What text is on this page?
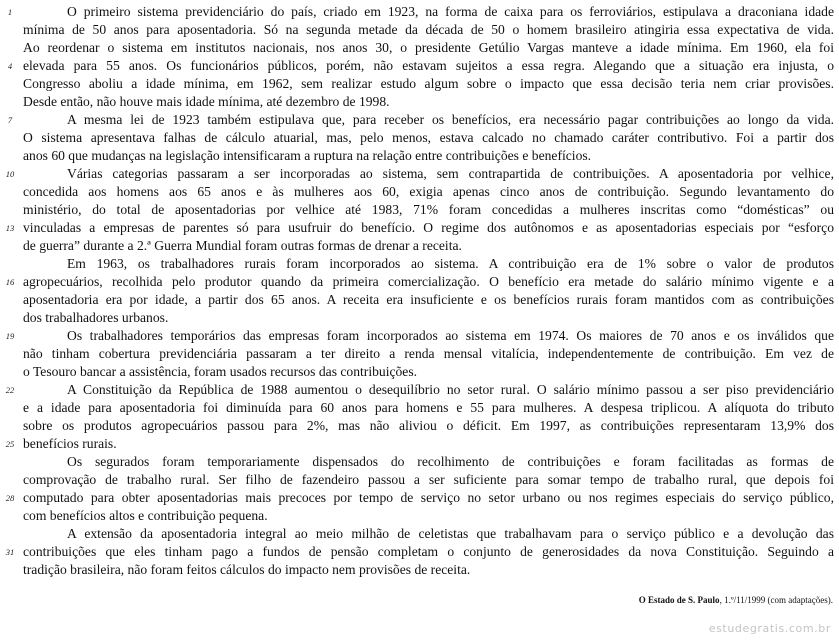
O primeiro sistema previdenciário do país, criado em 1923, na forma de caixa para os ferroviários, estipulava a draconiana idade
mínima de 50 anos para aposentadoria. Só na segunda metade da década de 50 o homem brasileiro atingiria essa expectativa de vida.
Ao reordenar o sistema em institutos nacionais, nos anos 30, o presidente Getúlio Vargas manteve a idade mínima. Em 1960, ela foi
elevada para 55 anos. Os funcionários públicos, porém, não estavam sujeitos a essa regra. Alegando que a situação era injusta, o
Congresso aboliu a idade mínima, em 1962, sem realizar estudo algum sobre o impacto que essa decisão teria nem criar provisões.
Desde então, não houve mais idade mínima, até dezembro de 1998.
A mesma lei de 1923 também estipulava que, para receber os benefícios, era necessário pagar contribuições ao longo da vida.
O sistema apresentava falhas de cálculo atuarial, mas, pelo menos, estava calcado no chamado caráter contributivo. Foi a partir dos
anos 60 que mudanças na legislação intensificaram a ruptura na relação entre contribuições e benefícios.
Várias categorias passaram a ser incorporadas ao sistema, sem contrapartida de contribuições. A aposentadoria por velhice,
concedida aos homens aos 65 anos e às mulheres aos 60, exigia apenas cinco anos de contribuição. Segundo levantamento do
ministério, do total de aposentadorias por velhice até 1983, 71% foram concedidas a mulheres inscritas como “domésticas” ou
vinculadas a empresas de parentes só para usufruir do benefício. O regime dos autônomos e as aposentadorias especiais por “esforço
de guerra” durante a 2.ª Guerra Mundial foram outras formas de drenar a receita.
Em 1963, os trabalhadores rurais foram incorporados ao sistema. A contribuição era de 1% sobre o valor de produtos
agropecuários, recolhida pelo produtor quando da primeira comercialização. O benefício era metade do salário mínimo vigente e a
aposentadoria era por idade, a partir dos 65 anos. A receita era insuficiente e os benefícios rurais foram mantidos com as contribuições
dos trabalhadores urbanos.
Os trabalhadores temporários das empresas foram incorporados ao sistema em 1974. Os maiores de 70 anos e os inválidos que
não tinham cobertura previdenciária passaram a ter direito a renda mensal vitalícia, independentemente de contribuição. Em vez de
o Tesouro bancar a assistência, foram usados recursos das contribuições.
A Constituição da República de 1988 aumentou o desequilíbrio no setor rural. O salário mínimo passou a ser piso previdenciário
e a idade para aposentadoria foi diminuída para 60 anos para homens e 55 para mulheres. A despesa triplicou. A alíquota do tributo
sobre os produtos agropecuários passou para 2%, mas não aliviou o déficit. Em 1997, as contribuições representaram 13,9% dos
benefícios rurais.
Os segurados foram temporariamente dispensados do recolhimento de contribuições e foram facilitadas as formas de
comprovação de trabalho rural. Ser filho de fazendeiro passou a ser suficiente para somar tempo de trabalho rural, que depois foi
computado para obter aposentadorias mais precoces por tempo de serviço no setor urbano ou nos regimes especiais do serviço público,
com benefícios altos e contribuição pequena.
A extensão da aposentadoria integral ao meio milhão de celetistas que trabalhavam para o serviço público e a devolução das
contribuições que eles tinham pago a fundos de pensão completam o conjunto de generosidades da nova Constituição. Seguindo a
tradição brasileira, não foram feitos cálculos do impacto nem provisões de receita.
1
4
7
10
13
16
19
22
25
28
31
O Estado de S. Paulo, 1.º/11/1999 (com adaptações).
estudegratis.com.br
